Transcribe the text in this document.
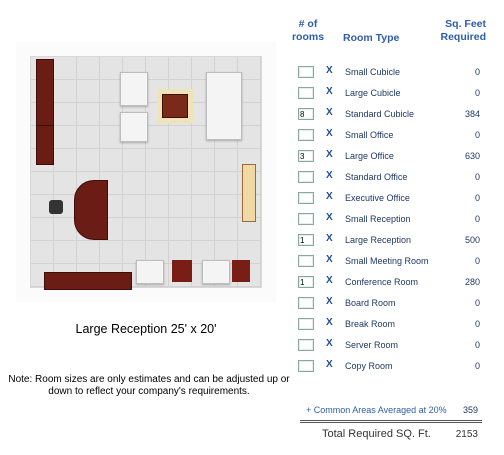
Large Reception 25' x 20'
Note: Room sizes are only estimates and can be adjusted up or down to reflect your company's requirements.
# of rooms Room Type
Sq. Feet Required
X Small Cubicle	0
X Large Cubicle	0
8	X Standard Cubicle	384
X Small Office	0
3	X Large Office	630
X Standard Office	0
X Executive Office	0
X Small Reception	0
1	X Large Reception	500
X Small Meeting Room	0
1	X Conference Room	280
X Board Room	0
X Break Room	0
X Server Room	0
X Copy Room	0
+ Common Areas Averaged at 20% 359
Total Required SQ. Ft. 2153
